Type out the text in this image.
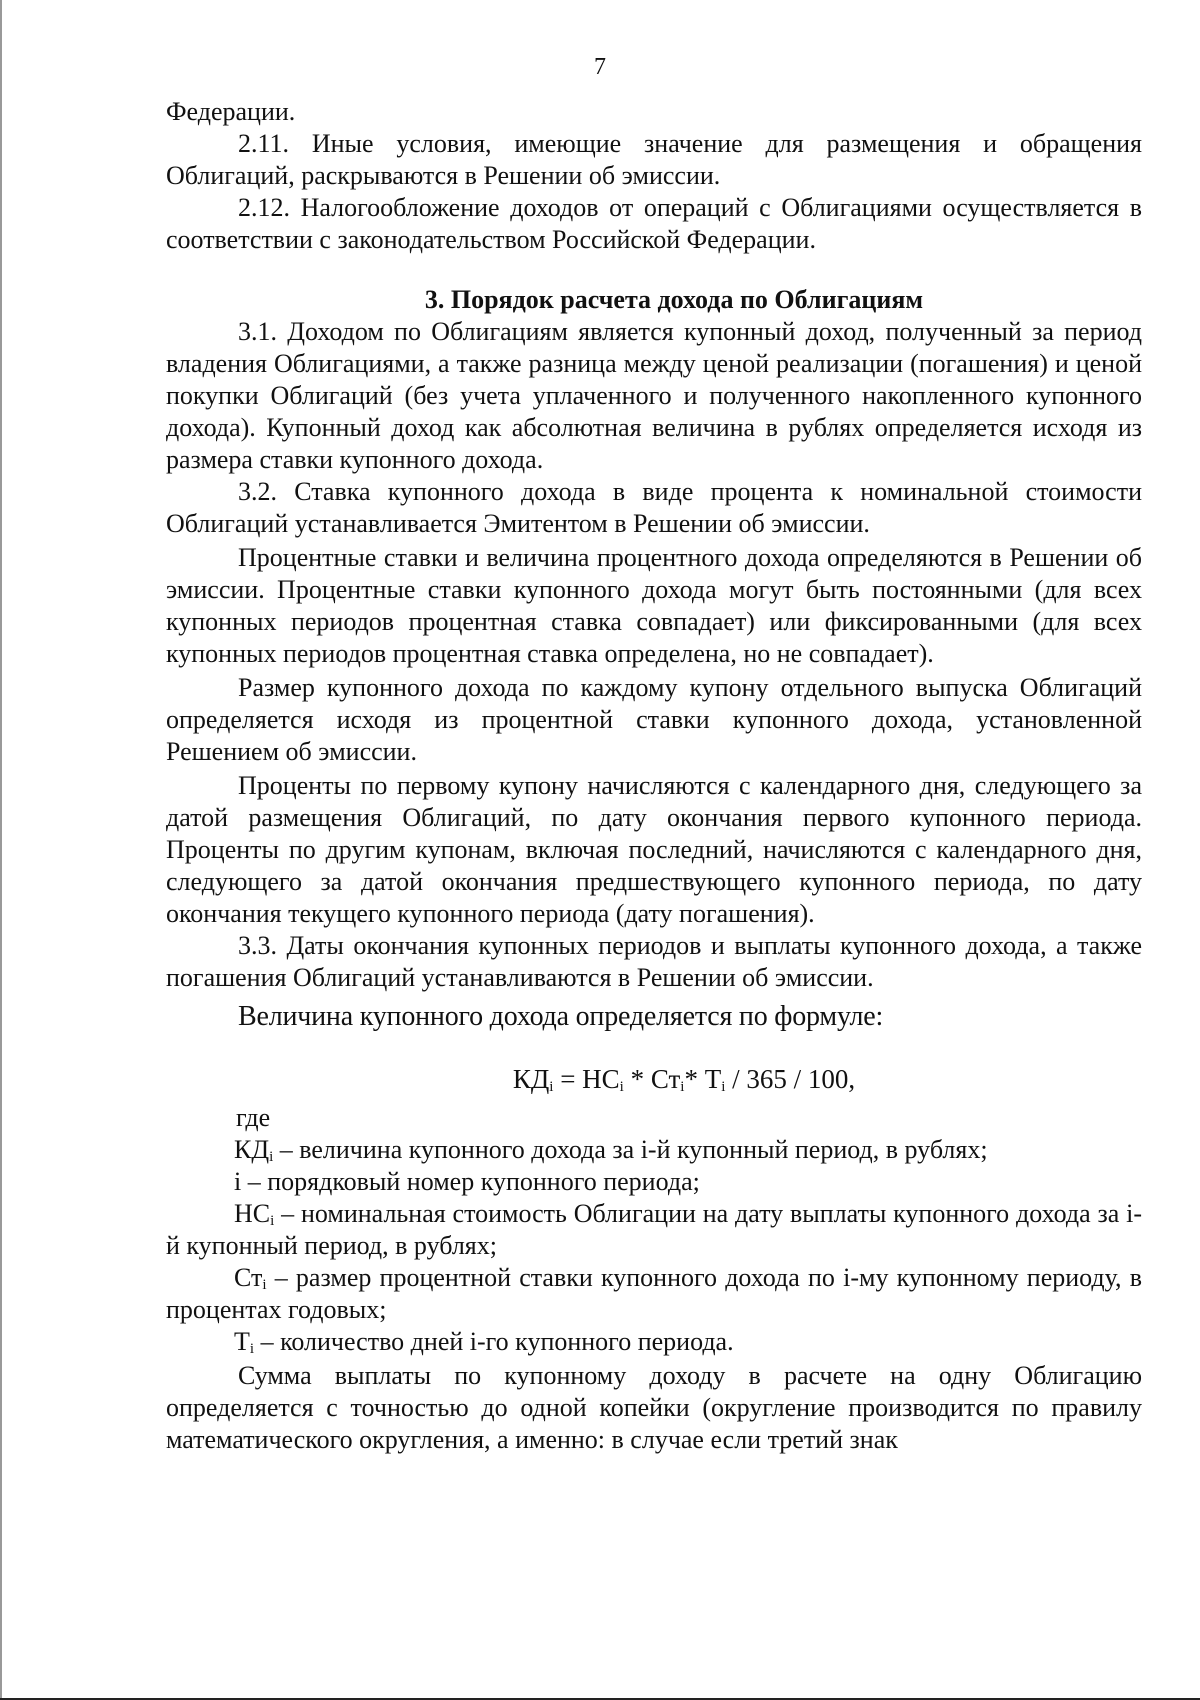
7

Федерации.

2.11. Иные условия, имеющие значение для размещения и обращения Облигаций, раскрываются в Решении об эмиссии.

2.12. Налогообложение доходов от операций с Облигациями осуществляется в соответствии с законодательством Российской Федерации.

3. Порядок расчета дохода по Облигациям

3.1. Доходом по Облигациям является купонный доход, полученный за период владения Облигациями, а также разница между ценой реализации (погашения) и ценой покупки Облигаций (без учета уплаченного и полученного накопленного купонного дохода). Купонный доход как абсолютная величина в рублях определяется исходя из размера ставки купонного дохода.

3.2. Ставка купонного дохода в виде процента к номинальной стоимости Облигаций устанавливается Эмитентом в Решении об эмиссии.

Процентные ставки и величина процентного дохода определяются в Решении об эмиссии. Процентные ставки купонного дохода могут быть постоянными (для всех купонных периодов процентная ставка совпадает) или фиксированными (для всех купонных периодов процентная ставка определена, но не совпадает).

Размер купонного дохода по каждому купону отдельного выпуска Облигаций определяется исходя из процентной ставки купонного дохода, установленной Решением об эмиссии.

Проценты по первому купону начисляются с календарного дня, следующего за датой размещения Облигаций, по дату окончания первого купонного периода. Проценты по другим купонам, включая последний, начисляются с календарного дня, следующего за датой окончания предшествующего купонного периода, по дату окончания текущего купонного периода (дату погашения).

3.3. Даты окончания купонных периодов и выплаты купонного дохода, а также погашения Облигаций устанавливаются в Решении об эмиссии.

Величина купонного дохода определяется по формуле:

$КД_i = НС_i * Ст_i*$ $Т_i / 365 / 100$,

где

$КД_i$ – величина купонного дохода за i-й купонный период, в рублях;

i – порядковый номер купонного периода;

$НС_i$ – номинальная стоимость Облигации на дату выплаты купонного дохода за i-й купонный период, в рублях;

$Ст_i$ – размер процентной ставки купонного дохода по i-му купонному периоду, в процентах годовых;

$Т_i$ – количество дней i-го купонного периода.

Сумма выплаты по купонному доходу в расчете на одну Облигацию определяется с точностью до одной копейки (округление производится по правилу математического округления, а именно: в случае если третий знак
